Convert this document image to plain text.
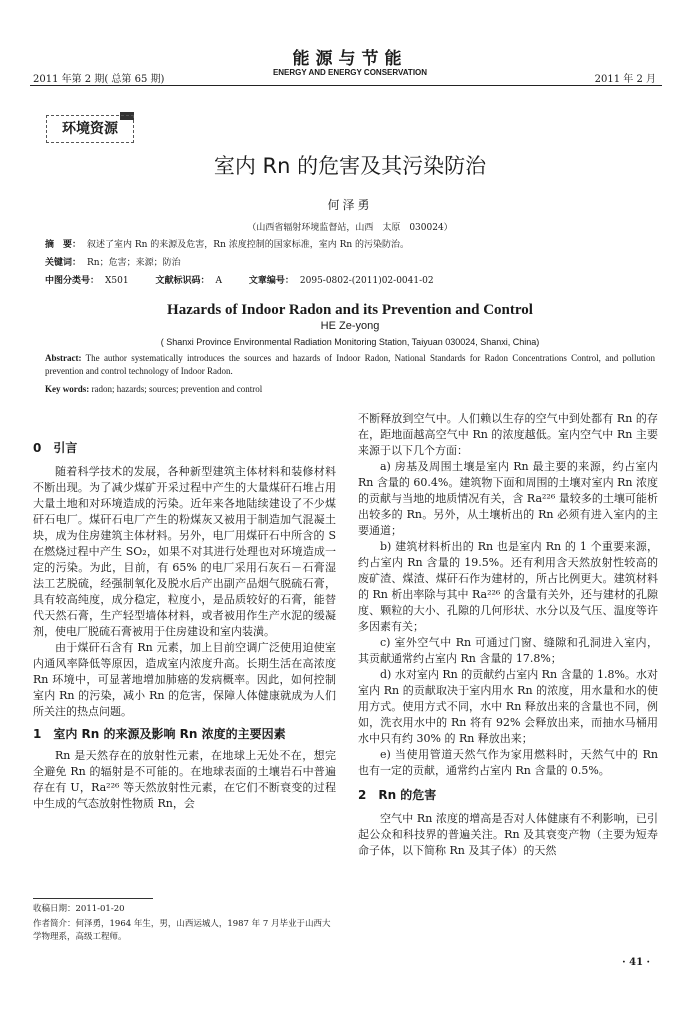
2011 年第 2 期( 总第 65 期)
能源与节能
ENERGY AND ENERGY CONSERVATION
2011 年 2 月
环境资源
室内 Rn 的危害及其污染防治
何泽勇
（山西省辐射环境监督站，山西　太原　030024）
摘　要： 叙述了室内 Rn 的来源及危害，Rn 浓度控制的国家标准，室内 Rn 的污染防治。
关键词： Rn；危害；来源；防治
中图分类号： X501	文献标识码： A	文章编号： 2095-0802-(2011)02-0041-02
Hazards of Indoor Radon and its Prevention and Control
HE Ze-yong
( Shanxi Province Environmental Radiation Monitoring Station, Taiyuan 030024, Shanxi, China)
Abstract: The author systematically introduces the sources and hazards of Indoor Radon, National Standards for Radon Concentrations Control, and pollution prevention and control technology of Indoor Radon.
Key words: radon; hazards; sources; prevention and control
0　引言

随着科学技术的发展，各种新型建筑主体材料和装修材料不断出现。为了减少煤矿开采过程中产生的大量煤矸石堆占用大量土地和对环境造成的污染。近年来各地陆续建设了不少煤矸石电厂。煤矸石电厂产生的粉煤灰又被用于制造加气混凝土块，成为住房建筑主体材料。另外，电厂用煤矸石中所含的 S 在燃烧过程中产生 SO₂，如果不对其进行处理也对环境造成一定的污染。为此，目前，有 65% 的电厂采用石灰石－石膏湿法工艺脱硫，经强制氧化及脱水后产出副产品烟气脱硫石膏，具有较高纯度，成分稳定，粒度小，是品质较好的石膏，能替代天然石膏，生产轻型墙体材料，或者被用作生产水泥的缓凝剂，使电厂脱硫石膏被用于住房建设和室内装潢。

由于煤矸石含有 Rn 元素，加上目前空调广泛使用迫使室内通风率降低等原因，造成室内浓度升高。长期生活在高浓度 Rn 环境中，可显著地增加肺癌的发病概率。因此，如何控制室内 Rn 的污染，减小 Rn 的危害，保障人体健康就成为人们所关注的热点问题。

1　室内 Rn 的来源及影响 Rn 浓度的主要因素

Rn 是天然存在的放射性元素，在地球上无处不在，想完全避免 Rn 的辐射是不可能的。在地球表面的土壤岩石中普遍存在有 U，Ra²²⁶ 等天然放射性元素，在它们不断衰变的过程中生成的气态放射性物质 Rn，会

不断释放到空气中。人们赖以生存的空气中到处都有 Rn 的存在，距地面越高空气中 Rn 的浓度越低。室内空气中 Rn 主要来源于以下几个方面：

a) 房基及周围土壤是室内 Rn 最主要的来源，约占室内 Rn 含量的 60.4%。建筑物下面和周围的土壤对室内 Rn 浓度的贡献与当地的地质情况有关，含 Ra²²⁶ 量较多的土壤可能析出较多的 Rn。另外，从土壤析出的 Rn 必须有进入室内的主要通道；

b) 建筑材料析出的 Rn 也是室内 Rn 的 1 个重要来源，约占室内 Rn 含量的 19.5%。还有利用含天然放射性较高的废矿渣、煤渣、煤矸石作为建材的，所占比例更大。建筑材料的 Rn 析出率除与其中 Ra²²⁶ 的含量有关外，还与建材的孔隙度、颗粒的大小、孔隙的几何形状、水分以及气压、温度等许多因素有关；

c) 室外空气中 Rn 可通过门窗、缝隙和孔洞进入室内，其贡献通常约占室内 Rn 含量的 17.8%；

d) 水对室内 Rn 的贡献约占室内 Rn 含量的 1.8%。水对室内 Rn 的贡献取决于室内用水 Rn 的浓度，用水量和水的使用方式。使用方式不同，水中 Rn 释放出来的含量也不同，例如，洗衣用水中的 Rn 将有 92% 会释放出来，而抽水马桶用水中只有约 30% 的 Rn 释放出来；

e) 当使用管道天然气作为家用燃料时，天然气中的 Rn 也有一定的贡献，通常约占室内 Rn 含量的 0.5%。

2　Rn 的危害

空气中 Rn 浓度的增高是否对人体健康有不利影响，已引起公众和科技界的普遍关注。Rn 及其衰变产物（主要为短寿命子体，以下简称 Rn 及其子体）的天然

收稿日期：2011-01-20
作者简介：何泽勇，1964 年生，男，山西运城人，1987 年 7 月毕业于山西大学物理系，高级工程师。
· 41 ·
